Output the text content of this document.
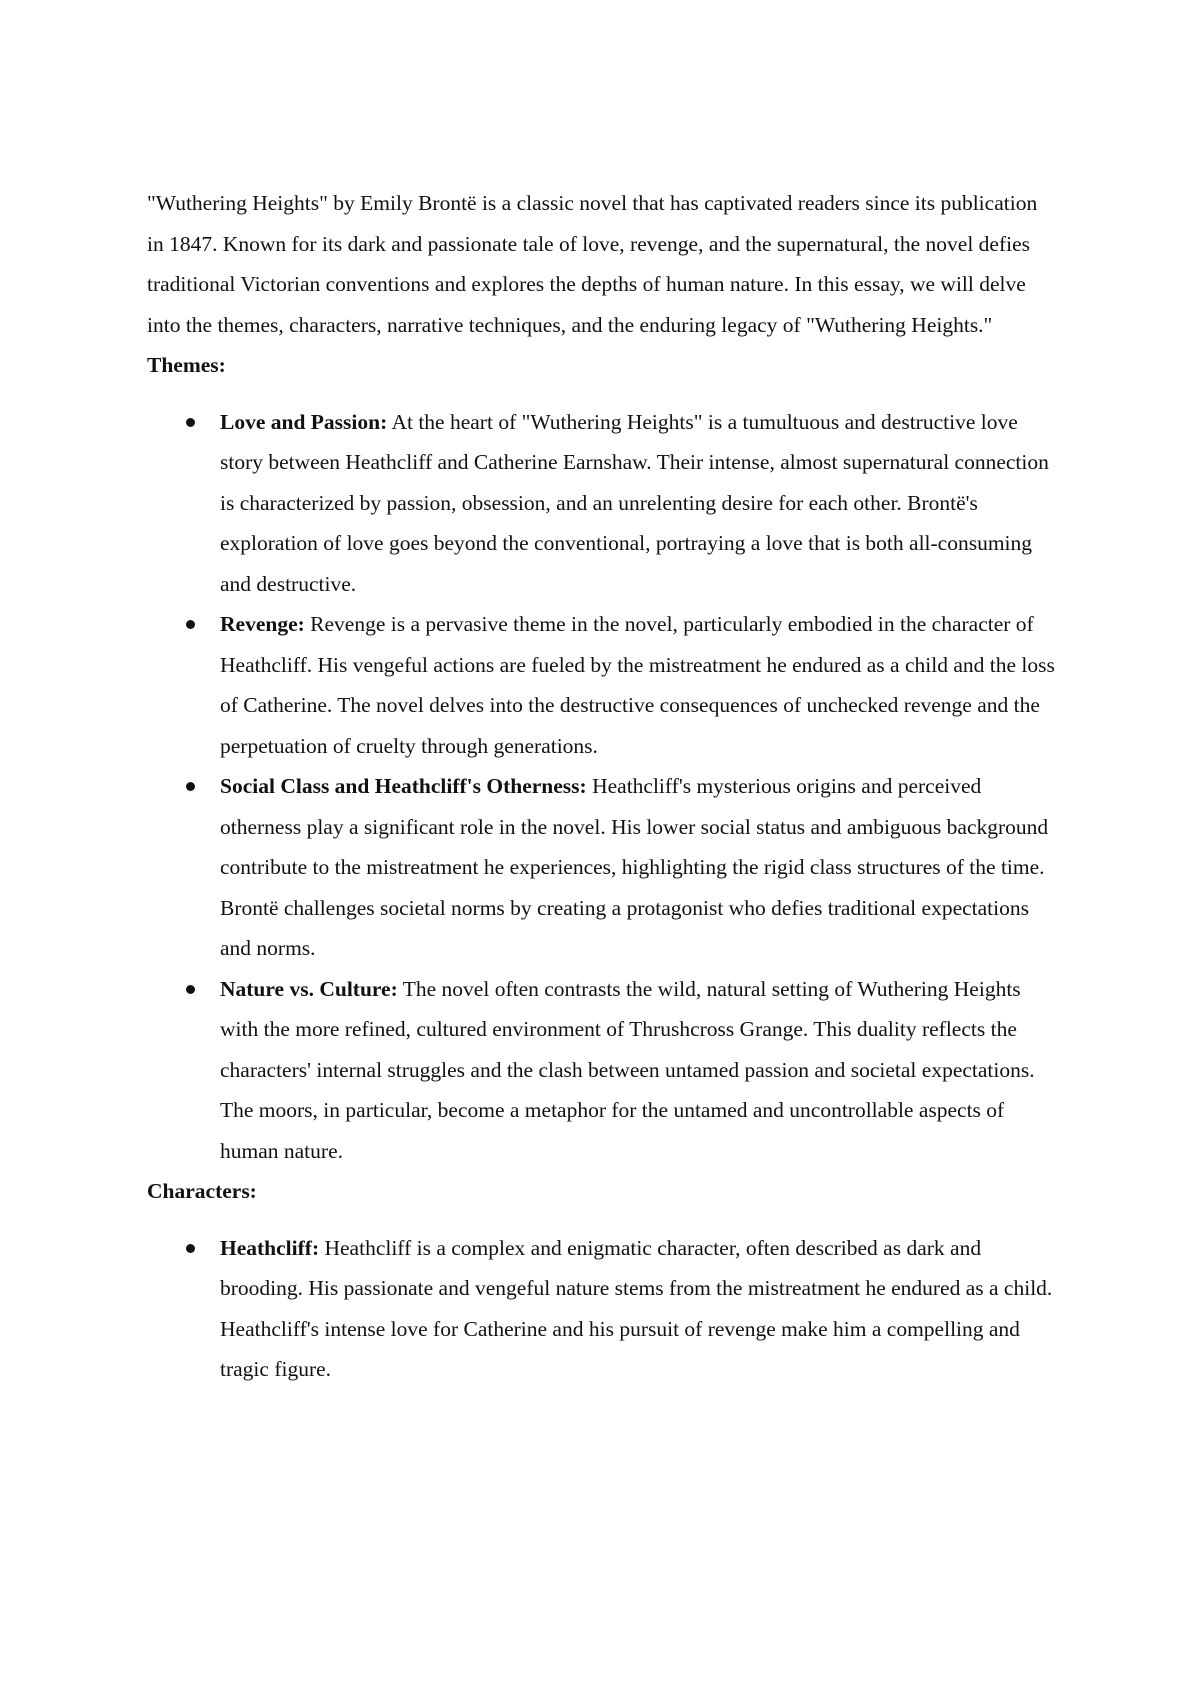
"Wuthering Heights" by Emily Brontë is a classic novel that has captivated readers since its publication in 1847. Known for its dark and passionate tale of love, revenge, and the supernatural, the novel defies traditional Victorian conventions and explores the depths of human nature. In this essay, we will delve into the themes, characters, narrative techniques, and the enduring legacy of "Wuthering Heights."

Themes:
Love and Passion: At the heart of "Wuthering Heights" is a tumultuous and destructive love story between Heathcliff and Catherine Earnshaw. Their intense, almost supernatural connection is characterized by passion, obsession, and an unrelenting desire for each other. Brontë's exploration of love goes beyond the conventional, portraying a love that is both all-consuming and destructive.
Revenge: Revenge is a pervasive theme in the novel, particularly embodied in the character of Heathcliff. His vengeful actions are fueled by the mistreatment he endured as a child and the loss of Catherine. The novel delves into the destructive consequences of unchecked revenge and the perpetuation of cruelty through generations.
Social Class and Heathcliff's Otherness: Heathcliff's mysterious origins and perceived otherness play a significant role in the novel. His lower social status and ambiguous background contribute to the mistreatment he experiences, highlighting the rigid class structures of the time. Brontë challenges societal norms by creating a protagonist who defies traditional expectations and norms.
Nature vs. Culture: The novel often contrasts the wild, natural setting of Wuthering Heights with the more refined, cultured environment of Thrushcross Grange. This duality reflects the characters' internal struggles and the clash between untamed passion and societal expectations. The moors, in particular, become a metaphor for the untamed and uncontrollable aspects of human nature.
Characters:
Heathcliff: Heathcliff is a complex and enigmatic character, often described as dark and brooding. His passionate and vengeful nature stems from the mistreatment he endured as a child. Heathcliff's intense love for Catherine and his pursuit of revenge make him a compelling and tragic figure.
